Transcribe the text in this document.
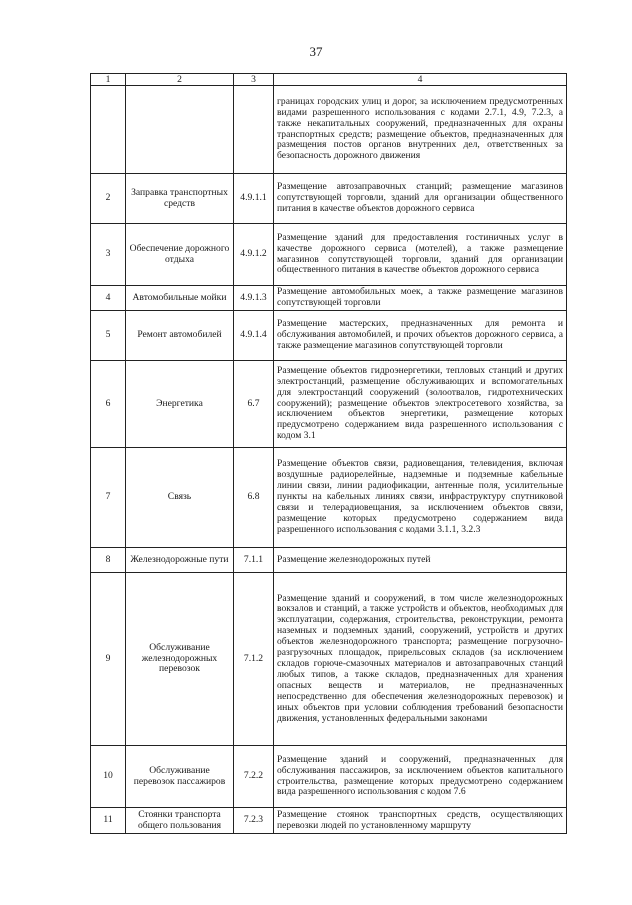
37
1	2	3	4
			границах городских улиц и дорог, за исключением предусмотренных видами разрешенного использования с кодами 2.7.1, 4.9, 7.2.3, а также некапитальных сооружений, предназначенных для охраны транспортных средств; размещение объектов, предназначенных для размещения постов органов внутренних дел, ответственных за безопасность дорожного движения
2	Заправка транспортных средств	4.9.1.1	Размещение автозаправочных станций; размещение магазинов сопутствующей торговли, зданий для организации общественного питания в качестве объектов дорожного сервиса
3	Обеспечение дорожного отдыха	4.9.1.2	Размещение зданий для предоставления гостиничных услуг в качестве дорожного сервиса (мотелей), а также размещение магазинов сопутствующей торговли, зданий для организации общественного питания в качестве объектов дорожного сервиса
4	Автомобильные мойки	4.9.1.3	Размещение автомобильных моек, а также размещение магазинов сопутствующей торговли
5	Ремонт автомобилей	4.9.1.4	Размещение мастерских, предназначенных для ремонта и обслуживания автомобилей, и прочих объектов дорожного сервиса, а также размещение магазинов сопутствующей торговли
6	Энергетика	6.7	Размещение объектов гидроэнергетики, тепловых станций и других электростанций, размещение обслуживающих и вспомогательных для электростанций сооружений (золоотвалов, гидротехнических сооружений); размещение объектов электросетевого хозяйства, за исключением объектов энергетики, размещение которых предусмотрено содержанием вида разрешенного использования с кодом 3.1
7	Связь	6.8	Размещение объектов связи, радиовещания, телевидения, включая воздушные радиорелейные, надземные и подземные кабельные линии связи, линии радиофикации, антенные поля, усилительные пункты на кабельных линиях связи, инфраструктуру спутниковой связи и телерадиовещания, за исключением объектов связи, размещение которых предусмотрено содержанием вида разрешенного использования с кодами 3.1.1, 3.2.3
8	Железнодорожные пути	7.1.1	Размещение железнодорожных путей
9	Обслуживание железнодорожных перевозок	7.1.2	Размещение зданий и сооружений, в том числе железнодорожных вокзалов и станций, а также устройств и объектов, необходимых для эксплуатации, содержания, строительства, реконструкции, ремонта наземных и подземных зданий, сооружений, устройств и других объектов железнодорожного транспорта; размещение погрузочно-разгрузочных площадок, прирельсовых складов (за исключением складов горюче-смазочных материалов и автозаправочных станций любых типов, а также складов, предназначенных для хранения опасных веществ и материалов, не предназначенных непосредственно для обеспечения железнодорожных перевозок) и иных объектов при условии соблюдения требований безопасности движения, установленных федеральными законами
10	Обслуживание перевозок пассажиров	7.2.2	Размещение зданий и сооружений, предназначенных для обслуживания пассажиров, за исключением объектов капитального строительства, размещение которых предусмотрено содержанием вида разрешенного использования с кодом 7.6
11	Стоянки транспорта общего пользования	7.2.3	Размещение стоянок транспортных средств, осуществляющих перевозки людей по установленному маршруту
